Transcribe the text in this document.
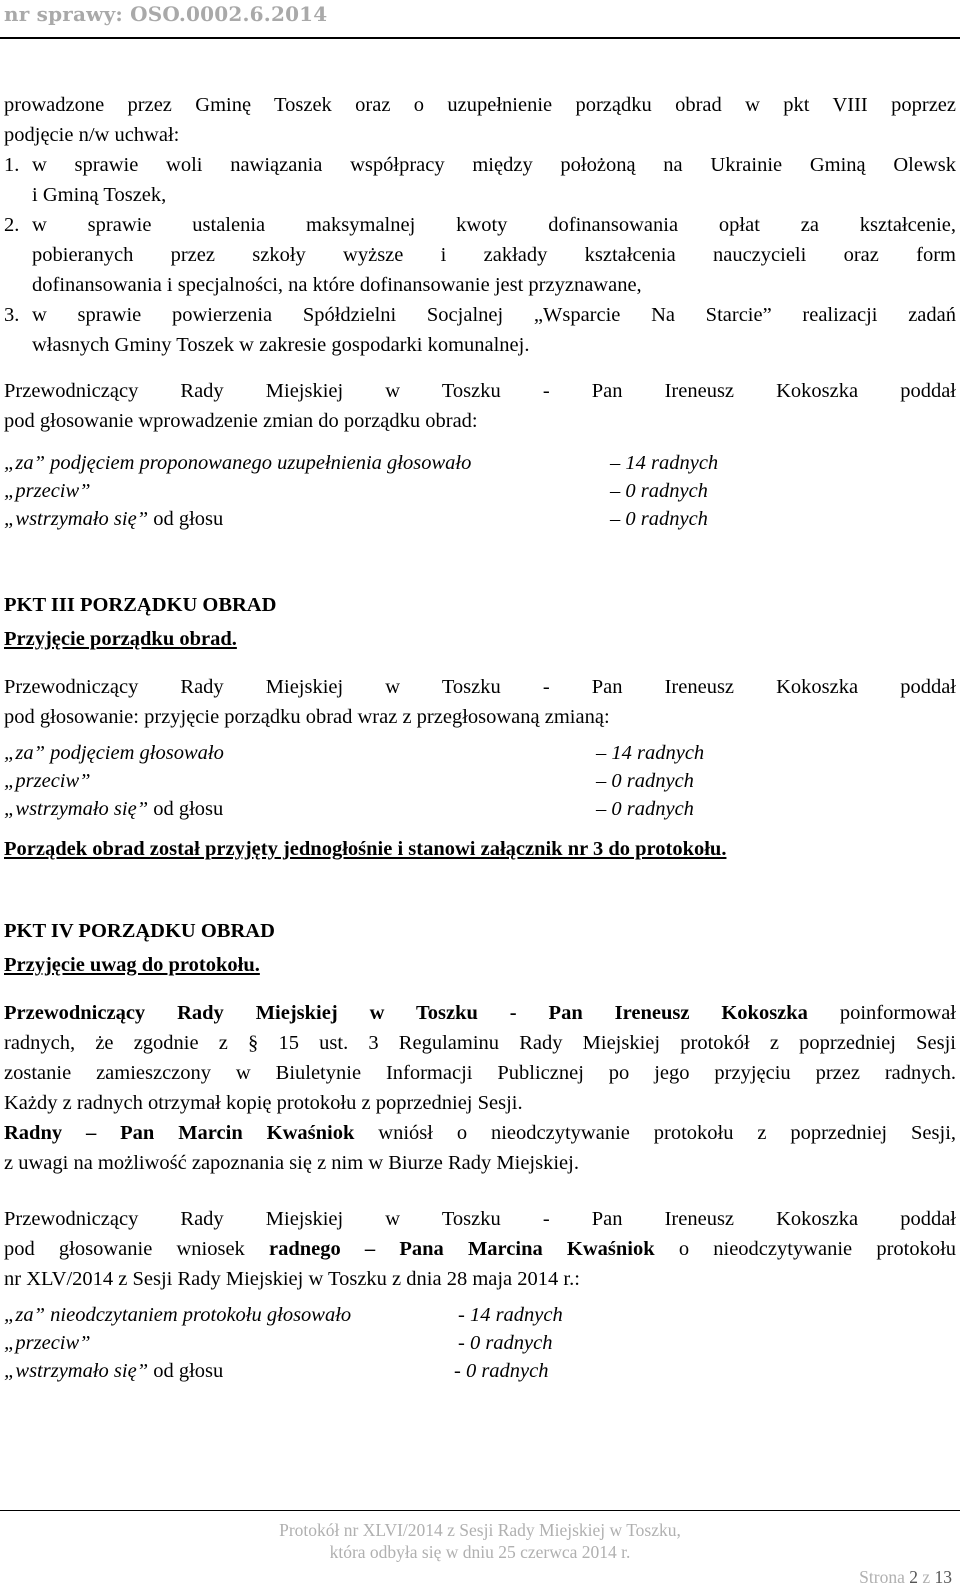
nr sprawy: OSO.0002.6.2014
prowadzone przez Gminę Toszek oraz o uzupełnienie porządku obrad w pkt VIII poprzez
podjęcie n/w uchwał:
1. w sprawie woli nawiązania współpracy między położoną na Ukrainie Gminą Olewsk
i Gminą Toszek,
2. w sprawie ustalenia maksymalnej kwoty dofinansowania opłat za kształcenie,
pobieranych przez szkoły wyższe i zakłady kształcenia nauczycieli oraz form
dofinansowania i specjalności, na które dofinansowanie jest przyznawane,
3. w sprawie powierzenia Spółdzielni Socjalnej „Wsparcie Na Starcie” realizacji zadań
własnych Gminy Toszek w zakresie gospodarki komunalnej.
Przewodniczący Rady Miejskiej w Toszku - Pan Ireneusz Kokoszka poddał
pod głosowanie wprowadzenie zmian do porządku obrad:
„za” podjęciem proponowanego uzupełnienia głosowało	– 14 radnych
„przeciw”	– 0 radnych
„wstrzymało się” od głosu	– 0 radnych
PKT III PORZĄDKU OBRAD
Przyjęcie porządku obrad.
Przewodniczący Rady Miejskiej w Toszku - Pan Ireneusz Kokoszka poddał
pod głosowanie: przyjęcie porządku obrad wraz z przegłosowaną zmianą:
„za” podjęciem głosowało	– 14 radnych
„przeciw”	– 0 radnych
„wstrzymało się” od głosu	– 0 radnych
Porządek obrad został przyjęty jednogłośnie i stanowi załącznik nr 3 do protokołu.
PKT IV PORZĄDKU OBRAD
Przyjęcie uwag do protokołu.
Przewodniczący Rady Miejskiej w Toszku - Pan Ireneusz Kokoszka poinformował
radnych, że zgodnie z § 15 ust. 3 Regulaminu Rady Miejskiej protokół z poprzedniej Sesji
zostanie zamieszczony w Biuletynie Informacji Publicznej po jego przyjęciu przez radnych.
Każdy z radnych otrzymał kopię protokołu z poprzedniej Sesji.
Radny – Pan Marcin Kwaśniok wniósł o nieodczytywanie protokołu z poprzedniej Sesji,
z uwagi na możliwość zapoznania się z nim w Biurze Rady Miejskiej.
Przewodniczący Rady Miejskiej w Toszku - Pan Ireneusz Kokoszka poddał
pod głosowanie wniosek radnego – Pana Marcina Kwaśniok o nieodczytywanie protokołu
nr XLV/2014 z Sesji Rady Miejskiej w Toszku z dnia 28 maja 2014 r.:
„za” nieodczytaniem protokołu głosowało	- 14 radnych
„przeciw”	- 0 radnych
„wstrzymało się” od głosu	- 0 radnych
Protokół nr XLVI/2014 z Sesji Rady Miejskiej w Toszku,
która odbyła się w dniu 25 czerwca 2014 r.
Strona 2 z 13
